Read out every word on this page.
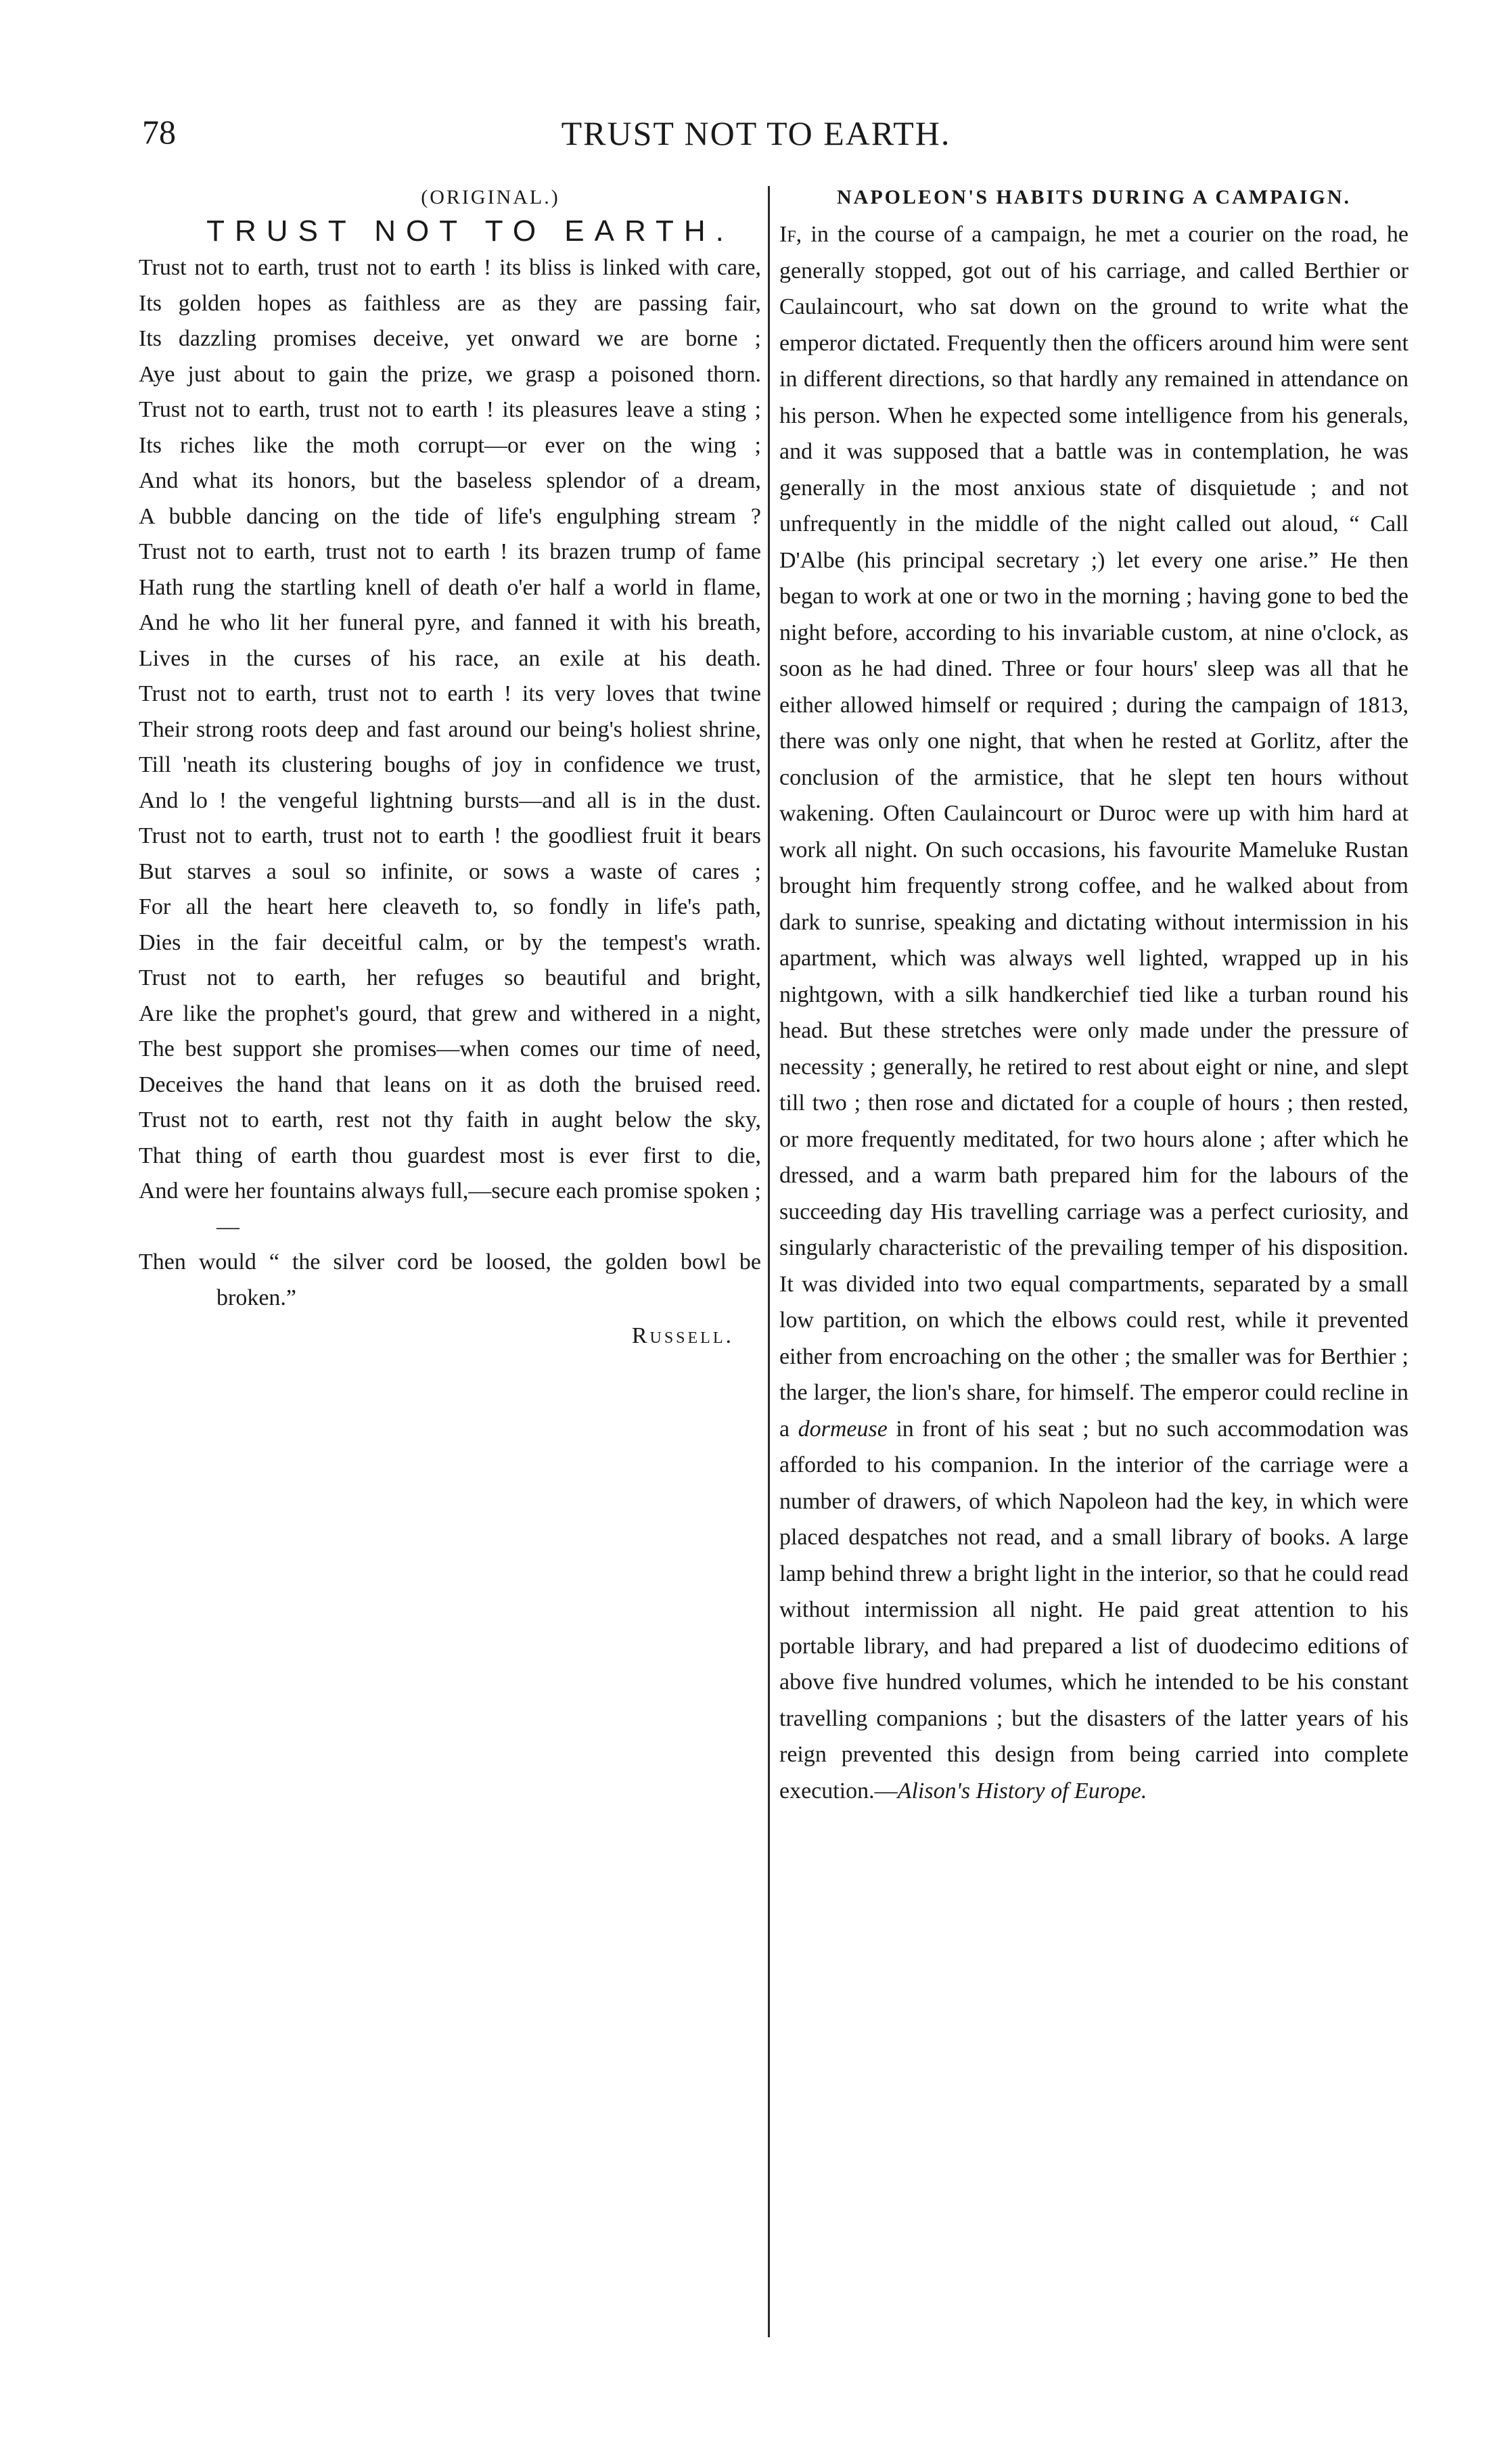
78	TRUST NOT TO EARTH.
(ORIGINAL.)
TRUST NOT TO EARTH.
Trust not to earth, trust not to earth ! its bliss is linked with care,
Its golden hopes as faithless are as they are passing fair,
Its dazzling promises deceive, yet onward we are borne ;
Aye just about to gain the prize, we grasp a poisoned thorn.
Trust not to earth, trust not to earth ! its pleasures leave a sting ;
Its riches like the moth corrupt—or ever on the wing ;
And what its honors, but the baseless splendor of a dream,
A bubble dancing on the tide of life's engulphing stream ?
Trust not to earth, trust not to earth ! its brazen trump of fame
Hath rung the startling knell of death o'er half a world in flame,
And he who lit her funeral pyre, and fanned it with his breath,
Lives in the curses of his race, an exile at his death.
Trust not to earth, trust not to earth ! its very loves that twine
Their strong roots deep and fast around our being's holiest shrine,
Till 'neath its clustering boughs of joy in confidence we trust,
And lo ! the vengeful lightning bursts—and all is in the dust.
Trust not to earth, trust not to earth ! the goodliest fruit it bears
But starves a soul so infinite, or sows a waste of cares ;
For all the heart here cleaveth to, so fondly in life's path,
Dies in the fair deceitful calm, or by the tempest's wrath.
Trust not to earth, her refuges so beautiful and bright,
Are like the prophet's gourd, that grew and withered in a night,
The best support she promises—when comes our time of need,
Deceives the hand that leans on it as doth the bruised reed.
Trust not to earth, rest not thy faith in aught below the sky,
That thing of earth thou guardest most is ever first to die,
And were her fountains always full,—secure each promise spoken ;—
Then would “ the silver cord be loosed, the golden bowl be broken.”
Russell.
NAPOLEON'S HABITS DURING A CAMPAIGN.

If, in the course of a campaign, he met a courier on the road, he generally stopped, got out of his carriage, and called Berthier or Caulaincourt, who sat down on the ground to write what the emperor dictated. Frequently then the officers around him were sent in different directions, so that hardly any remained in attendance on his person. When he expected some intelligence from his generals, and it was supposed that a battle was in contemplation, he was generally in the most anxious state of disquietude ; and not unfrequently in the middle of the night called out aloud, “ Call D'Albe (his principal secretary ;) let every one arise.” He then began to work at one or two in the morning ; having gone to bed the night before, according to his invariable custom, at nine o'clock, as soon as he had dined. Three or four hours' sleep was all that he either allowed himself or required ; during the campaign of 1813, there was only one night, that when he rested at Gorlitz, after the conclusion of the armistice, that he slept ten hours without wakening. Often Caulaincourt or Duroc were up with him hard at work all night. On such occasions, his favourite Mameluke Rustan brought him frequently strong coffee, and he walked about from dark to sunrise, speaking and dictating without intermission in his apartment, which was always well lighted, wrapped up in his nightgown, with a silk handkerchief tied like a turban round his head. But these stretches were only made under the pressure of necessity ; generally, he retired to rest about eight or nine, and slept till two ; then rose and dictated for a couple of hours ; then rested, or more frequently meditated, for two hours alone ; after which he dressed, and a warm bath prepared him for the labours of the succeeding day His travelling carriage was a perfect curiosity, and singularly characteristic of the prevailing temper of his disposition. It was divided into two equal compartments, separated by a small low partition, on which the elbows could rest, while it prevented either from encroaching on the other ; the smaller was for Berthier ; the larger, the lion's share, for himself. The emperor could recline in a dormeuse in front of his seat ; but no such accommodation was afforded to his companion. In the interior of the carriage were a number of drawers, of which Napoleon had the key, in which were placed despatches not read, and a small library of books. A large lamp behind threw a bright light in the interior, so that he could read without intermission all night. He paid great attention to his portable library, and had prepared a list of duodecimo editions of above five hundred volumes, which he intended to be his constant travelling companions ; but the disasters of the latter years of his reign prevented this design from being carried into complete execution.—Alison's History of Europe.
